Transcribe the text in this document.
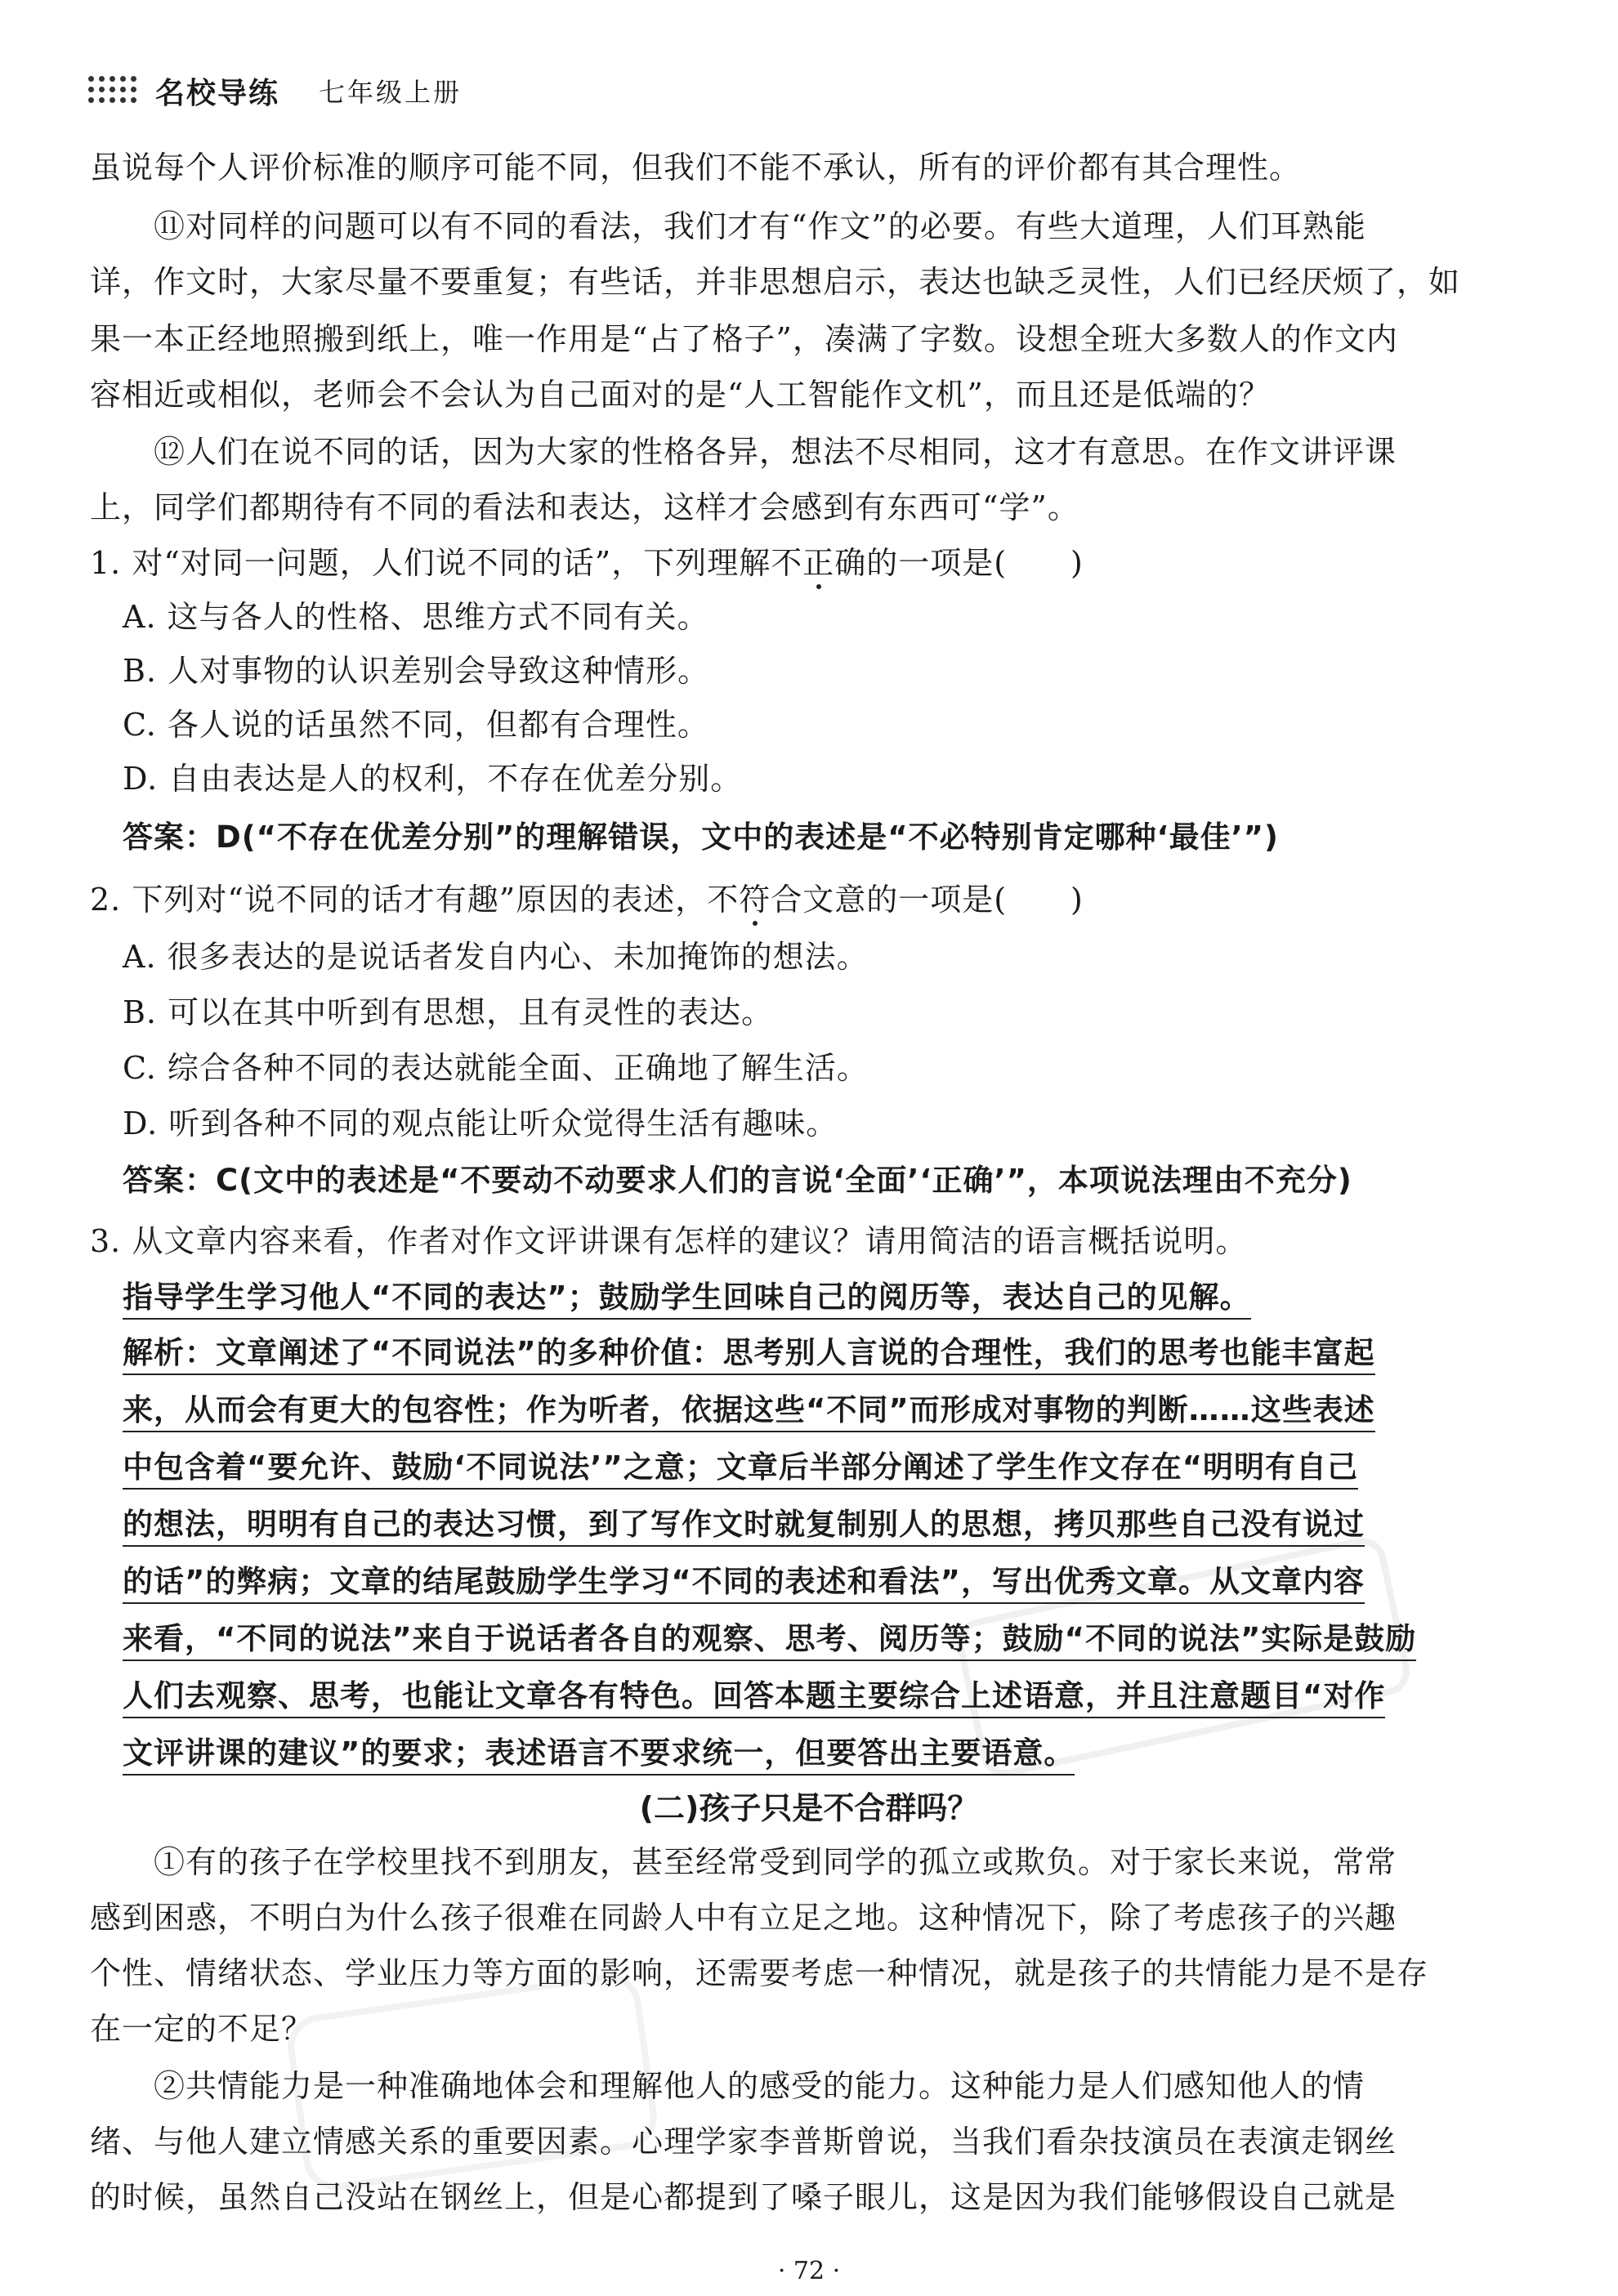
名校导练 七年级上册
虽说每个人评价标准的顺序可能不同，但我们不能不承认，所有的评价都有其合理性。
⑪对同样的问题可以有不同的看法，我们才有“作文”的必要。有些大道理，人们耳熟能
详，作文时，大家尽量不要重复；有些话，并非思想启示，表达也缺乏灵性，人们已经厌烦了，如
果一本正经地照搬到纸上，唯一作用是“占了格子”，凑满了字数。设想全班大多数人的作文内
容相近或相似，老师会不会认为自己面对的是“人工智能作文机”，而且还是低端的？
⑫人们在说不同的话，因为大家的性格各异，想法不尽相同，这才有意思。在作文讲评课
上，同学们都期待有不同的看法和表达，这样才会感到有东西可“学”。
1. 对“对同一问题，人们说不同的话”，下列理解不正确的一项是(　　)
A. 这与各人的性格、思维方式不同有关。
B. 人对事物的认识差别会导致这种情形。
C. 各人说的话虽然不同，但都有合理性。
D. 自由表达是人的权利，不存在优差分别。
答案：D(“不存在优差分别”的理解错误，文中的表述是“不必特别肯定哪种‘最佳’”)
2. 下列对“说不同的话才有趣”原因的表述，不符合文意的一项是(　　)
A. 很多表达的是说话者发自内心、未加掩饰的想法。
B. 可以在其中听到有思想，且有灵性的表达。
C. 综合各种不同的表达就能全面、正确地了解生活。
D. 听到各种不同的观点能让听众觉得生活有趣味。
答案：C(文中的表述是“不要动不动要求人们的言说‘全面’‘正确’”，本项说法理由不充分)
3. 从文章内容来看，作者对作文评讲课有怎样的建议？请用简洁的语言概括说明。
指导学生学习他人“不同的表达”；鼓励学生回味自己的阅历等，表达自己的见解。
解析：文章阐述了“不同说法”的多种价值：思考别人言说的合理性，我们的思考也能丰富起
来，从而会有更大的包容性；作为听者，依据这些“不同”而形成对事物的判断……这些表述
中包含着“要允许、鼓励‘不同说法’”之意；文章后半部分阐述了学生作文存在“明明有自己
的想法，明明有自己的表达习惯，到了写作文时就复制别人的思想，拷贝那些自己没有说过
的话”的弊病；文章的结尾鼓励学生学习“不同的表述和看法”，写出优秀文章。从文章内容
来看，“不同的说法”来自于说话者各自的观察、思考、阅历等；鼓励“不同的说法”实际是鼓励
人们去观察、思考，也能让文章各有特色。回答本题主要综合上述语意，并且注意题目“对作
文评讲课的建议”的要求；表述语言不要求统一，但要答出主要语意。
(二)孩子只是不合群吗？
①有的孩子在学校里找不到朋友，甚至经常受到同学的孤立或欺负。对于家长来说，常常
感到困惑，不明白为什么孩子很难在同龄人中有立足之地。这种情况下，除了考虑孩子的兴趣
个性、情绪状态、学业压力等方面的影响，还需要考虑一种情况，就是孩子的共情能力是不是存
在一定的不足？
②共情能力是一种准确地体会和理解他人的感受的能力。这种能力是人们感知他人的情
绪、与他人建立情感关系的重要因素。心理学家李普斯曾说，当我们看杂技演员在表演走钢丝
的时候，虽然自己没站在钢丝上，但是心都提到了嗓子眼儿，这是因为我们能够假设自己就是
· 72 ·
